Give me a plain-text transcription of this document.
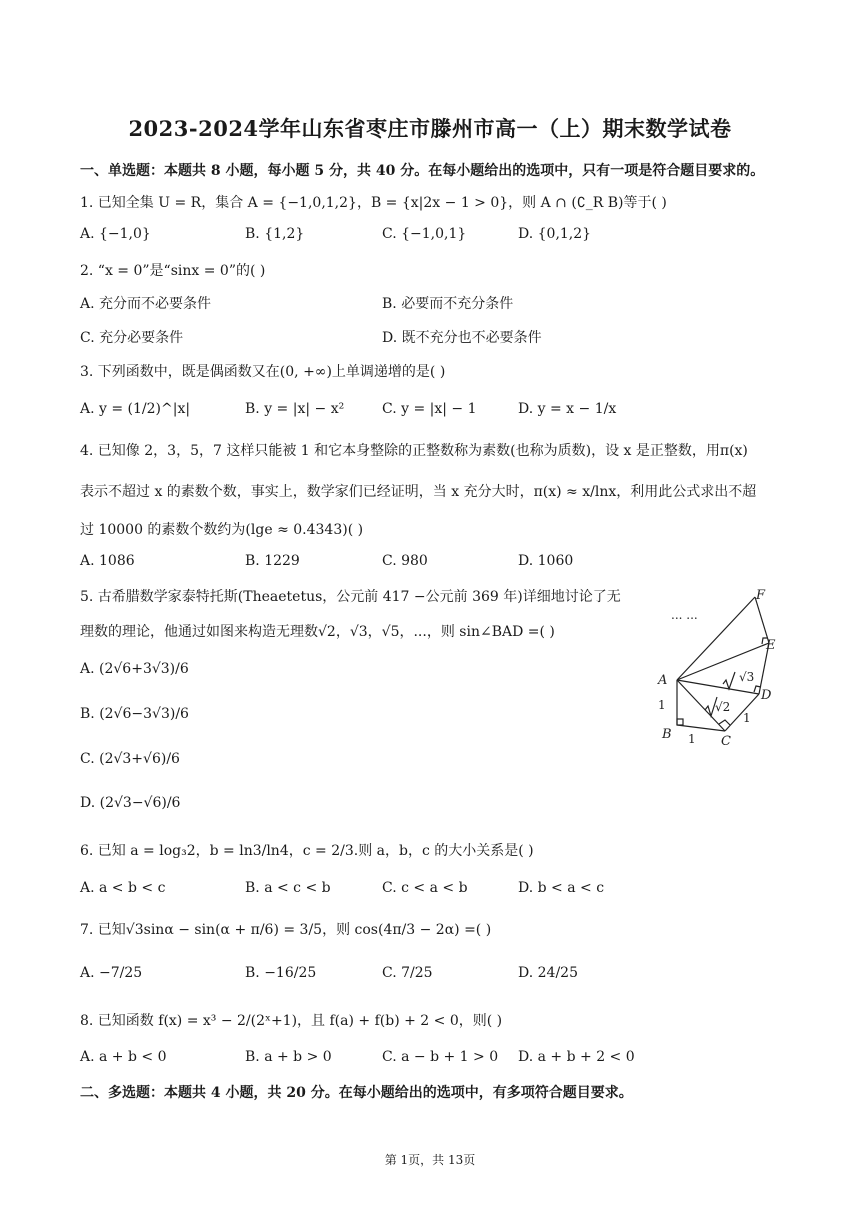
2023-2024学年山东省枣庄市滕州市高一（上）期末数学试卷
一、单选题：本题共 8 小题，每小题 5 分，共 40 分。在每小题给出的选项中，只有一项是符合题目要求的。
1. 已知全集 U = R，集合 A = {−1,0,1,2}，B = {x|2x − 1 > 0}，则 A ∩ (∁_R B)等于( )
A. {−1,0}	B. {1,2}	C. {−1,0,1}	D. {0,1,2}
2. “x = 0”是“sinx = 0”的( )
A. 充分而不必要条件	B. 必要而不充分条件
C. 充分必要条件	D. 既不充分也不必要条件
3. 下列函数中，既是偶函数又在(0, +∞)上单调递增的是( )
A. y = (1/2)^|x|	B. y = |x| − x²	C. y = |x| − 1	D. y = x − 1/x
4. 已知像 2，3，5，7 这样只能被 1 和它本身整除的正整数称为素数(也称为质数)，设 x 是正整数，用π(x)
表示不超过 x 的素数个数，事实上，数学家们已经证明，当 x 充分大时，π(x) ≈ x/lnx，利用此公式求出不超
过 10000 的素数个数约为(lge ≈ 0.4343)( )
A. 1086	B. 1229	C. 980	D. 1060
5. 古希腊数学家泰特托斯(Theaetetus，公元前 417 −公元前 369 年)详细地讨论了无
理数的理论，他通过如图来构造无理数√2，√3，√5，...，则 sin∠BAD =( )
A. (2√6+3√3)/6
B. (2√6−3√3)/6
C. (2√3+√6)/6
D. (2√3−√6)/6
F
E
A
D
B	C
1
1
1
√3
√2
... ...
6. 已知 a = log₃2，b = ln3/ln4，c = 2/3.则 a，b，c 的大小关系是( )
A. a < b < c	B. a < c < b	C. c < a < b	D. b < a < c
7. 已知√3sinα − sin(α + π/6) = 3/5，则 cos(4π/3 − 2α) =( )
A. −7/25	B. −16/25	C. 7/25	D. 24/25
8. 已知函数 f(x) = x³ − 2/(2ˣ+1)，且 f(a) + f(b) + 2 < 0，则( )
A. a + b < 0	B. a + b > 0	C. a − b + 1 > 0 D. a + b + 2 < 0
二、多选题：本题共 4 小题，共 20 分。在每小题给出的选项中，有多项符合题目要求。
第 1页，共 13页
